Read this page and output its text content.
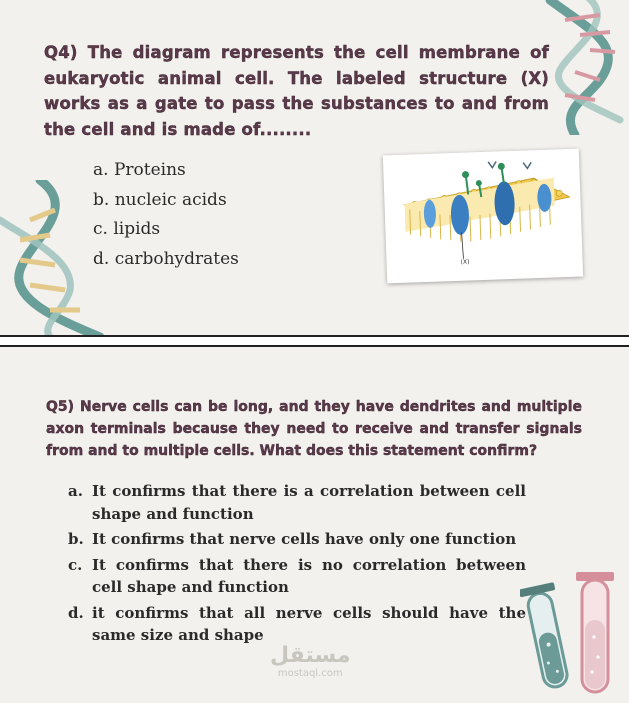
Q4) The diagram represents the cell membrane of eukaryotic animal cell. The labeled structure (X) works as a gate to pass the substances to and from the cell and is made of........
a. Proteins
b. nucleic acids
c. lipids
d. carbohydrates	(X)
Q5) Nerve cells can be long, and they have dendrites and multiple axon terminals because they need to receive and transfer signals from and to multiple cells. What does this statement confirm?
a. It confirms that there is a correlation between cell shape and function
b. It confirms that nerve cells have only one function
c. It confirms that there is no correlation between cell shape and function
d. it confirms that all nerve cells should have the same size and shape
مستقل
mostaql.com
